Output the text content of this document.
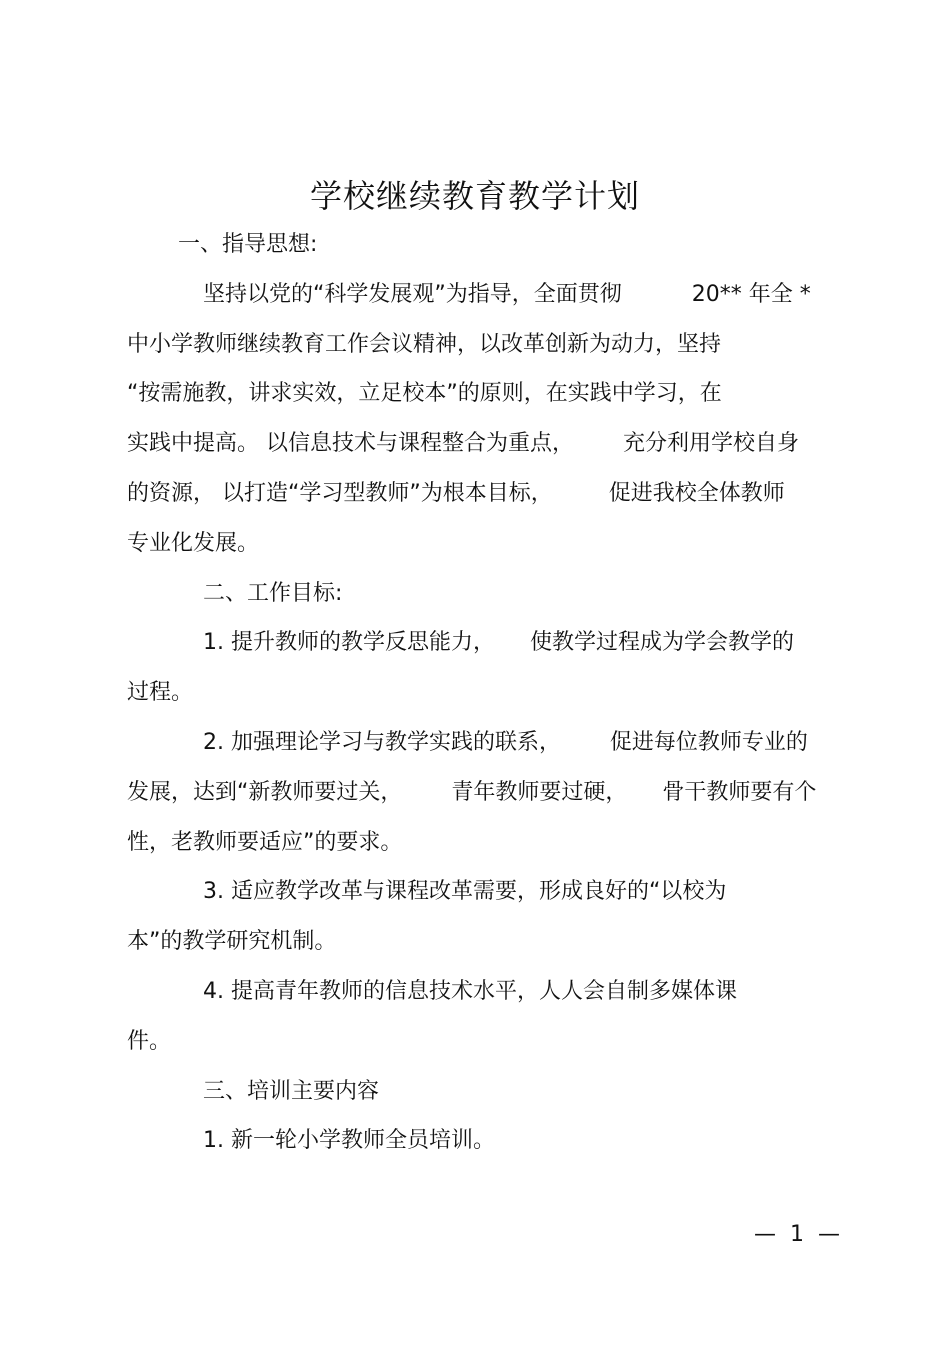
学校继续教育教学计划
一、指导思想:
坚持以党的“科学发展观”为指导，全面贯彻          20** 年全 *
中小学教师继续教育工作会议精神，以改革创新为动力，坚持
“按需施教，讲求实效，立足校本”的原则，在实践中学习，在
实践中提高。 以信息技术与课程整合为重点，       充分利用学校自身
的资源， 以打造“学习型教师”为根本目标，        促进我校全体教师
专业化发展。
二、工作目标:
1. 提升教师的教学反思能力，     使教学过程成为学会教学的
过程。
2. 加强理论学习与教学实践的联系，       促进每位教师专业的
发展，达到“新教师要过关，       青年教师要过硬，     骨干教师要有个
性，老教师要适应”的要求。
3. 适应教学改革与课程改革需要，形成良好的“以校为
本”的教学研究机制。
4. 提高青年教师的信息技术水平，人人会自制多媒体课
件。
三、培训主要内容
1. 新一轮小学教师全员培训。
—  1  —
